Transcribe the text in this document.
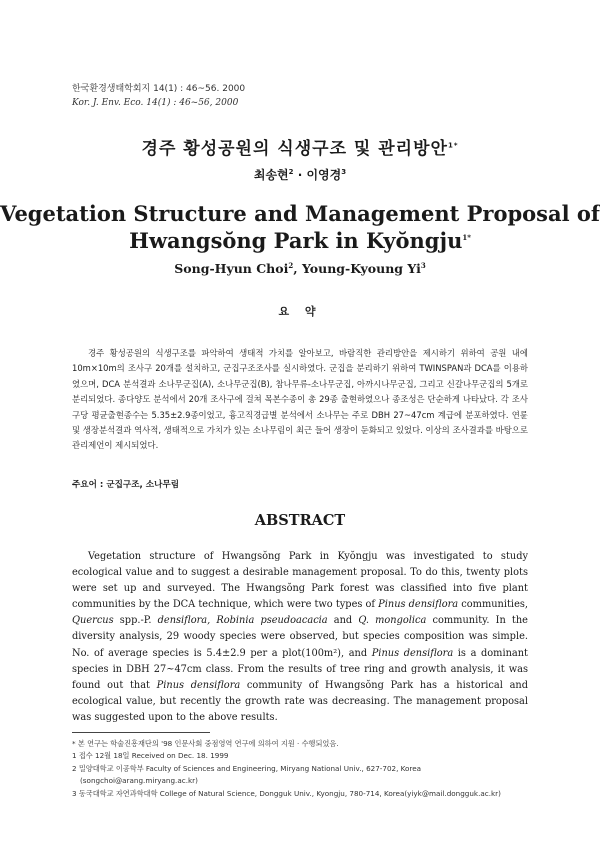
한국환경생태학회지 14(1) : 46~56. 2000
Kor. J. Env. Eco. 14(1) : 46~56, 2000
경주 황성공원의 식생구조 및 관리방안$^{1*}$
최송현$^2$ · 이영경$^3$
Vegetation Structure and Management Proposal of
Hwangsŏng Park in Kyŏngju$^{1*}$
Song-Hyun Choi$^2$, Young-Kyoung Yi$^3$
요 약
경주 황성공원의 식생구조를 파악하여 생태적 가치를 알아보고, 바람직한 관리방안을 제시하기 위하여 공원 내에 10m×10m의 조사구 20개를 설치하고, 군집구조조사를 실시하였다. 군집을 분리하기 위하여 TWINSPAN과 DCA를 이용하였으며, DCA 분석결과 소나무군집(A), 소나무군집(B), 참나무류-소나무군집, 아까시나무군집, 그리고 신갈나무군집의 5개로 분리되었다. 종다양도 분석에서 20개 조사구에 걸쳐 목본수종이 총 29종 출현하였으나 종조성은 단순하게 나타났다. 각 조사구당 평균출현종수는 5.35±2.9종이었고, 흉고직경급별 분석에서 소나무는 주로 DBH 27~47cm 계급에 분포하였다. 연륜 및 생장분석결과 역사적, 생태적으로 가치가 있는 소나무림이 최근 들어 생장이 둔화되고 있었다. 이상의 조사결과를 바탕으로 관리제언이 제시되었다.
주요어 : 군집구조, 소나무림
ABSTRACT
Vegetation structure of Hwangsŏng Park in Kyŏngju was investigated to study ecological value and to suggest a desirable management proposal. To do this, twenty plots were set up and surveyed. The Hwangsŏng Park forest was classified into five plant communities by the DCA technique, which were two types of Pinus densiflora communities, Quercus spp.-P. densiflora, Robinia pseudoacacia and Q. mongolica community. In the diversity analysis, 29 woody species were observed, but species composition was simple. No. of average species is 5.4±2.9 per a plot(100m²), and Pinus densiflora is a dominant species in DBH 27~47cm class. From the results of tree ring and growth analysis, it was found out that Pinus densiflora community of Hwangsŏng Park has a historical and ecological value, but recently the growth rate was decreasing. The management proposal was suggested upon to the above results.
* 본 연구는 학술진흥재단의 '98 인문사회 중점영역 연구에 의하여 지원 · 수행되었음.
1 접수 12월 18일 Received on Dec. 18. 1999
2 밀양대학교 이공학부 Faculty of Sciences and Engineering, Miryang National Univ., 627-702, Korea
(songchoi@arang.miryang.ac.kr)
3 동국대학교 자연과학대학 College of Natural Science, Dongguk Univ., Kyongju, 780-714, Korea(yiyk@mail.dongguk.ac.kr)
